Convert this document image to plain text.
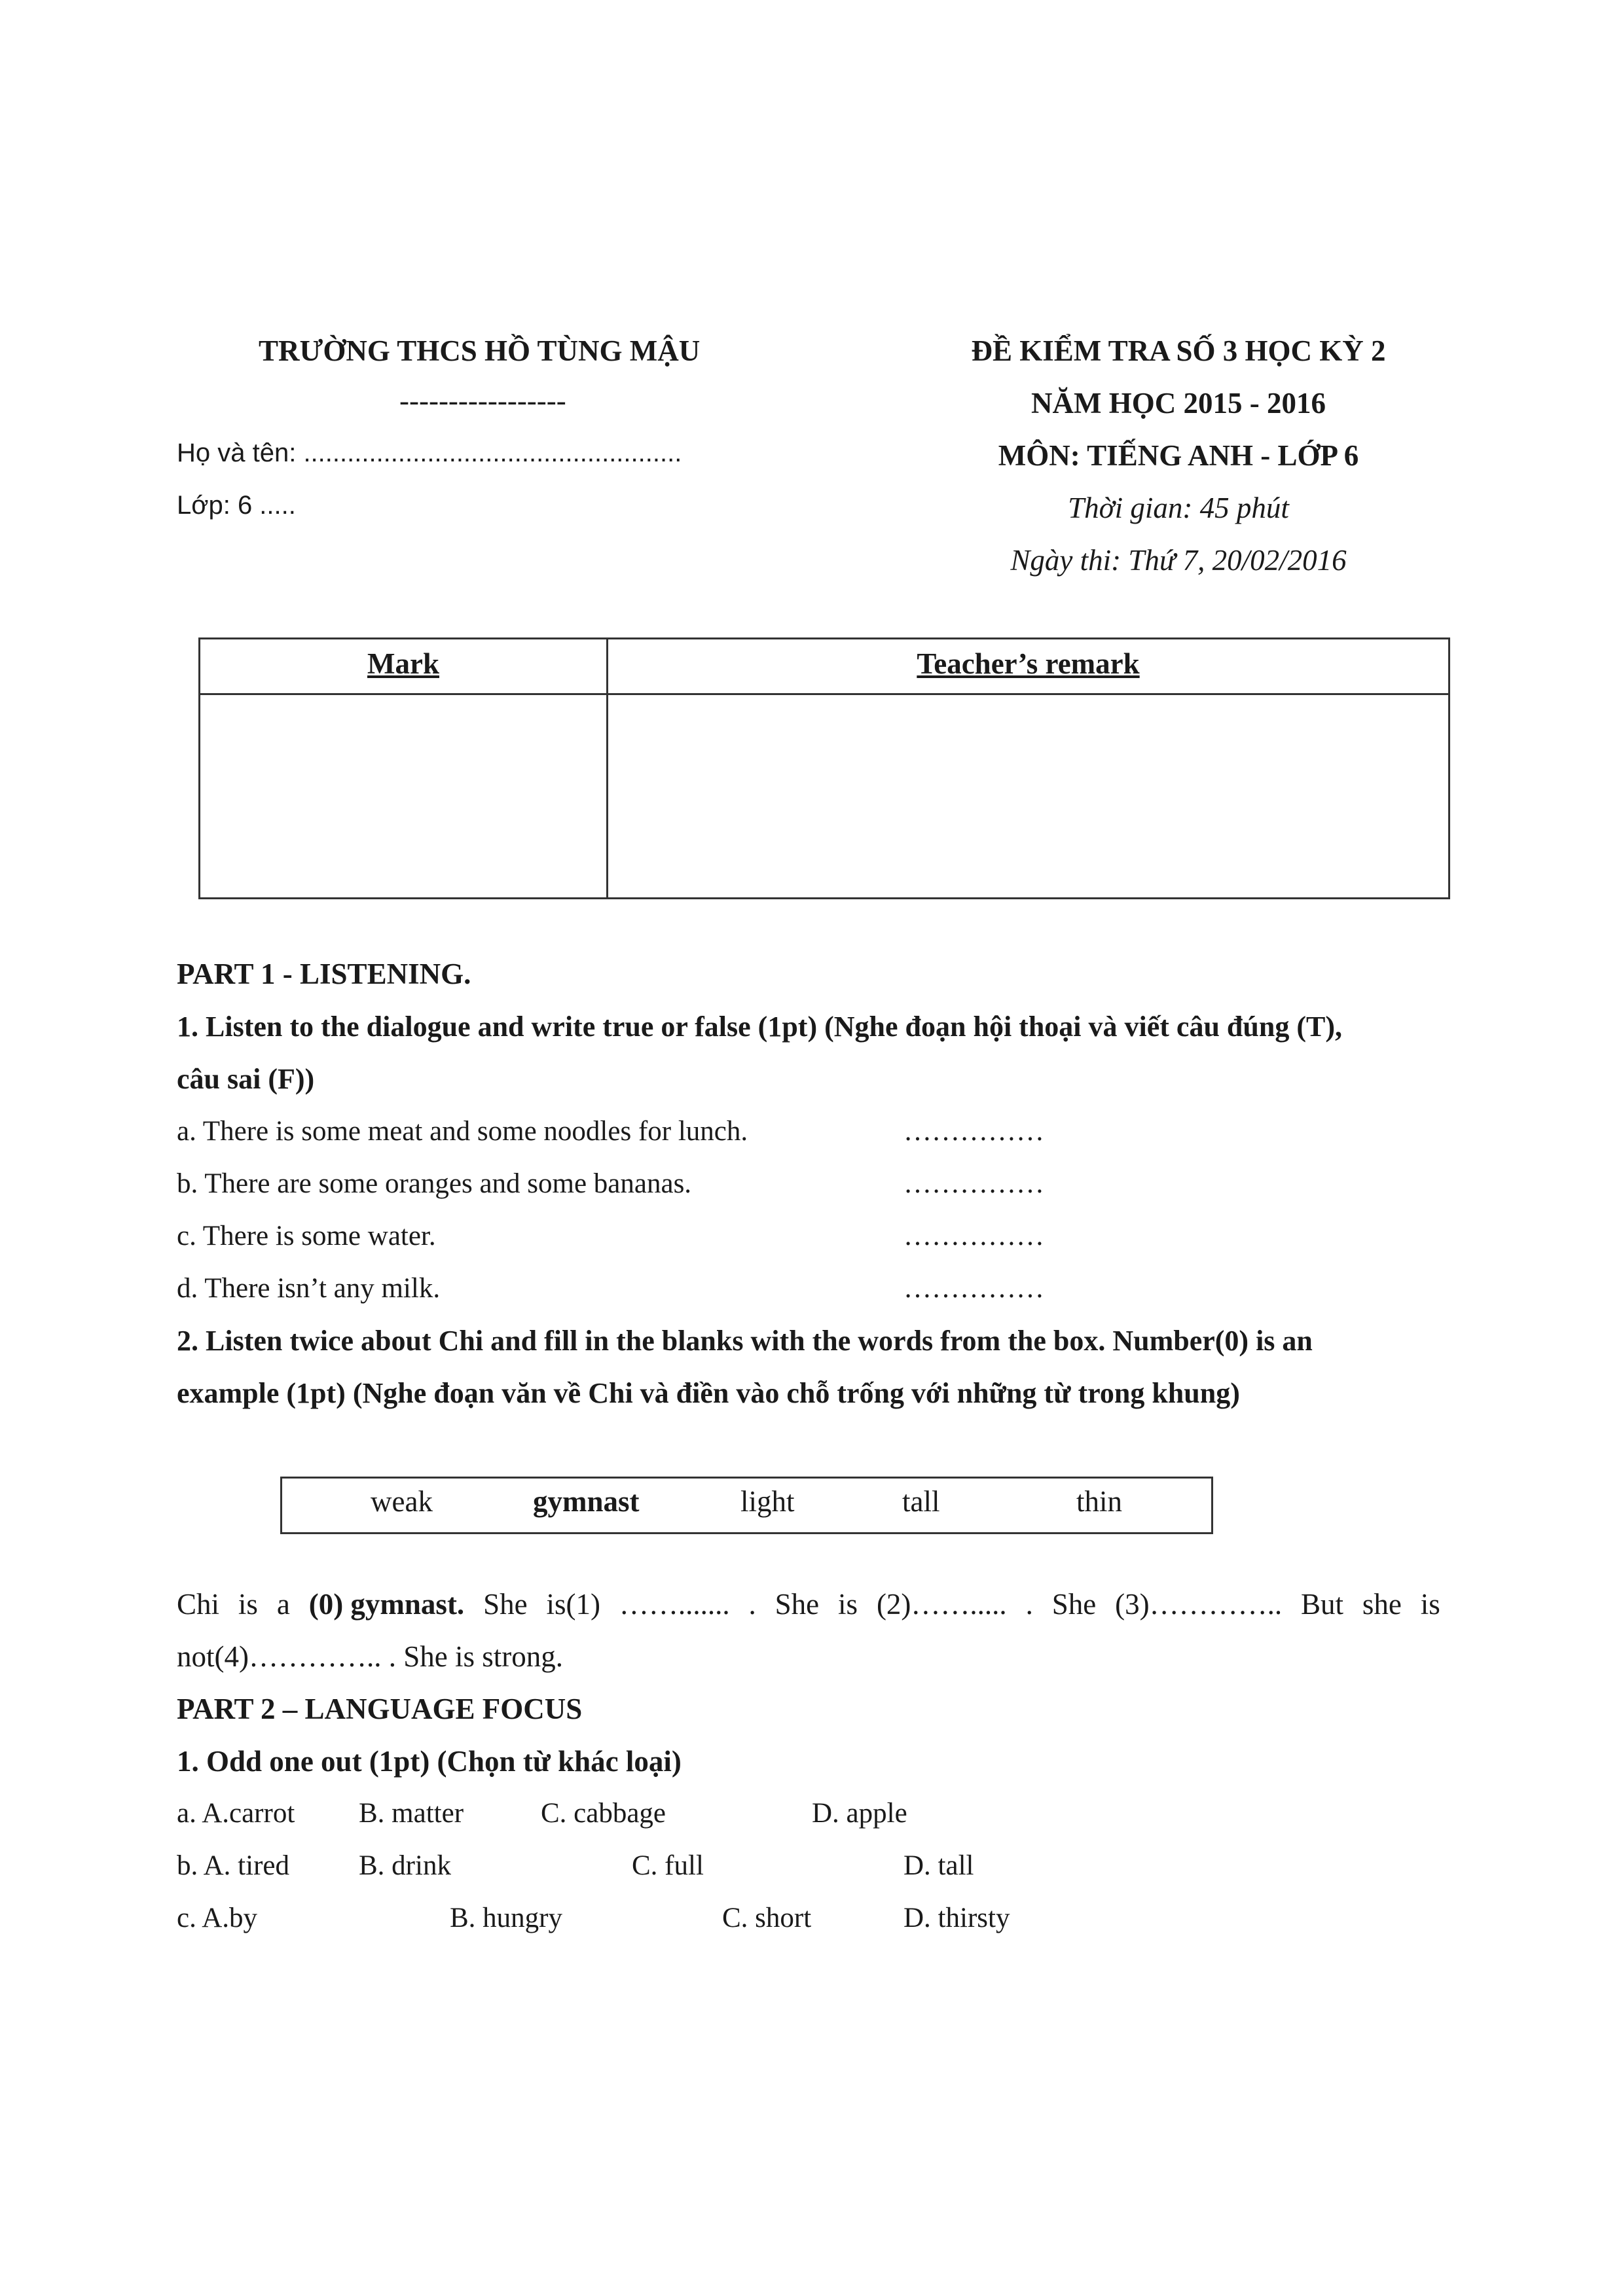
TRƯỜNG THCS HỒ TÙNG MẬU
-----------------
Họ và tên: ....................................................
Lớp: 6 .....
ĐỀ KIỂM TRA SỐ 3 HỌC KỲ 2
NĂM HỌC 2015 - 2016
MÔN: TIẾNG ANH - LỚP 6
Thời gian: 45 phút
Ngày thi: Thứ 7, 20/02/2016
Mark	Teacher’s remark
PART 1 - LISTENING.
1. Listen to the dialogue and write true or false (1pt) (Nghe đoạn hội thoại và viết câu đúng (T),
câu sai (F))
a. There is some meat and some noodles for lunch.	……………
b. There are some oranges and some bananas.	……………
c. There is some water.	……………
d. There isn’t any milk.	……………
2. Listen twice about Chi and fill in the blanks with the words from the box. Number(0) is an
example (1pt) (Nghe đoạn văn về Chi và điền vào chỗ trống với những từ trong khung)
weak	gymnast	light	tall	thin
Chi is a (0) gymnast. She is(1) ……....... . She is (2)……..... . She (3)………….. But she is
not(4)………….. . She is strong.
PART 2 – LANGUAGE FOCUS
1. Odd one out (1pt) (Chọn từ khác loại)
a. A.carrot B. matter	C. cabbage	D. apple
b. A. tired B. drink	C. full	D. tall
c. A.by	B. hungry	C. short	D. thirsty
